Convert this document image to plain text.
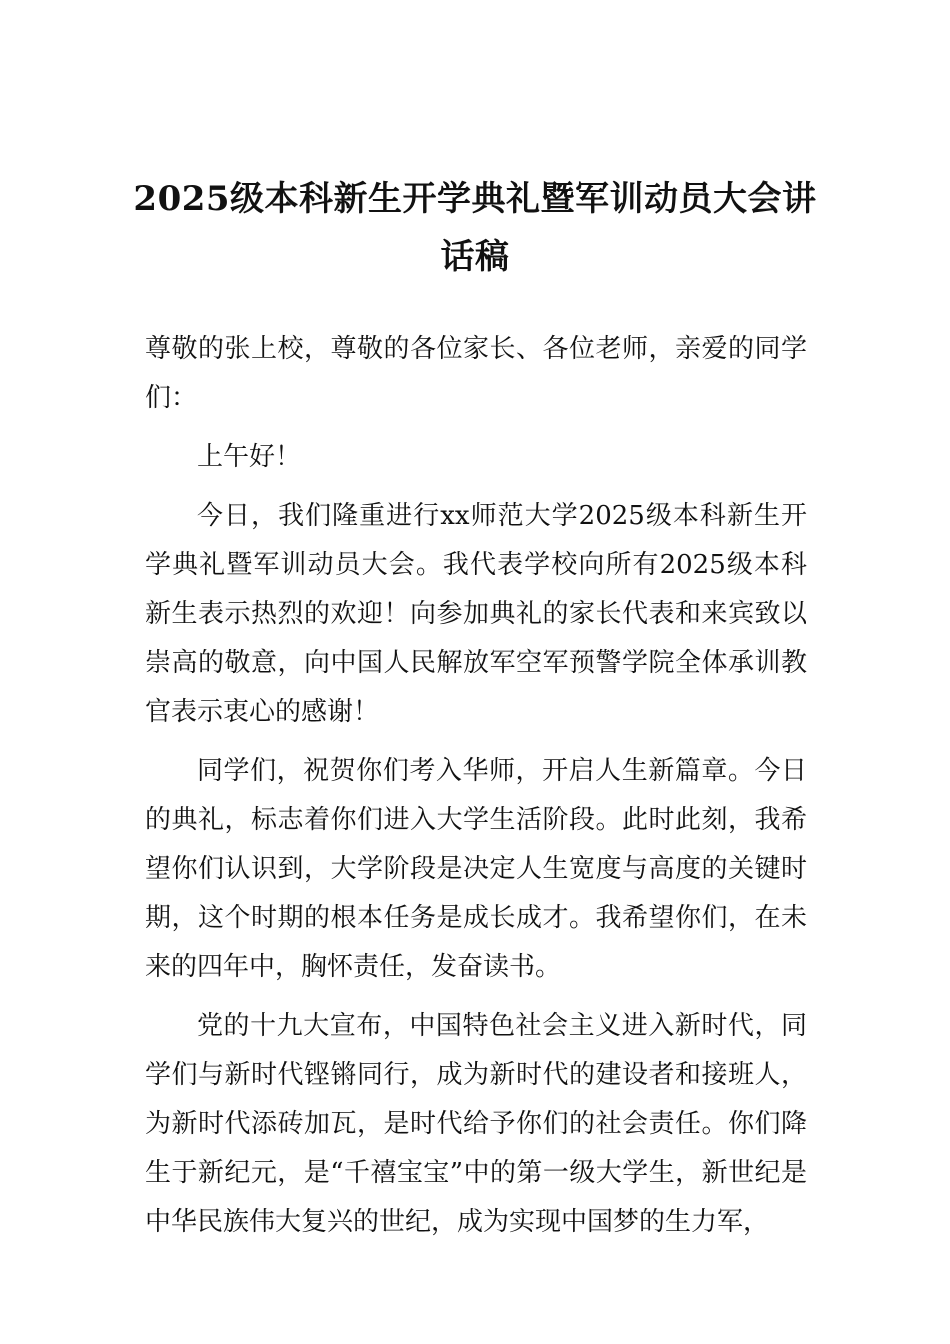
2025级本科新生开学典礼暨军训动员大会讲话稿

尊敬的张上校，尊敬的各位家长、各位老师，亲爱的同学们：

上午好！

今日，我们隆重进行xx师范大学2025级本科新生开学典礼暨军训动员大会。我代表学校向所有2025级本科新生表示热烈的欢迎！向参加典礼的家长代表和来宾致以崇高的敬意，向中国人民解放军空军预警学院全体承训教官表示衷心的感谢！

同学们，祝贺你们考入华师，开启人生新篇章。今日的典礼，标志着你们进入大学生活阶段。此时此刻，我希望你们认识到，大学阶段是决定人生宽度与高度的关键时期，这个时期的根本任务是成长成才。我希望你们，在未来的四年中，胸怀责任，发奋读书。

党的十九大宣布，中国特色社会主义进入新时代，同学们与新时代铿锵同行，成为新时代的建设者和接班人，为新时代添砖加瓦，是时代给予你们的社会责任。你们降生于新纪元，是“千禧宝宝”中的第一级大学生，新世纪是中华民族伟大复兴的世纪，成为实现中国梦的生力军，
